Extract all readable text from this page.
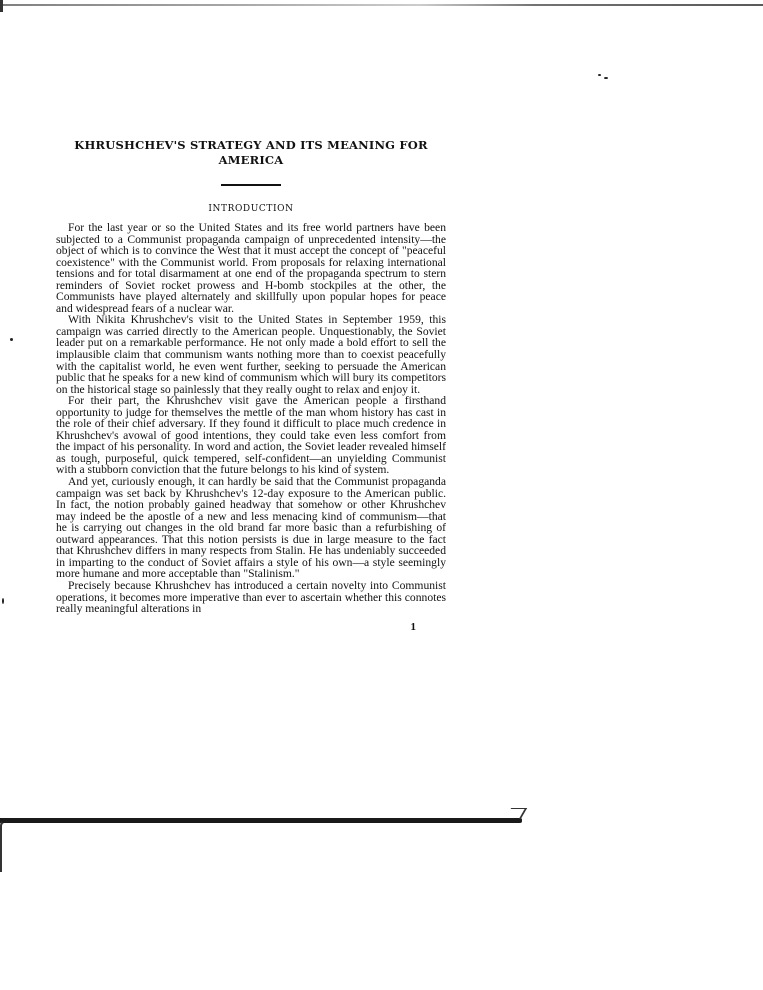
KHRUSHCHEV'S STRATEGY AND ITS MEANING FOR AMERICA
INTRODUCTION

For the last year or so the United States and its free world partners have been subjected to a Communist propaganda campaign of unprecedented intensity—the object of which is to convince the West that it must accept the concept of "peaceful coexistence" with the Communist world. From proposals for relaxing international tensions and for total disarmament at one end of the propaganda spectrum to stern reminders of Soviet rocket prowess and H-bomb stockpiles at the other, the Communists have played alternately and skillfully upon popular hopes for peace and widespread fears of a nuclear war.

With Nikita Khrushchev's visit to the United States in September 1959, this campaign was carried directly to the American people. Unquestionably, the Soviet leader put on a remarkable performance. He not only made a bold effort to sell the implausible claim that communism wants nothing more than to coexist peacefully with the capitalist world, he even went further, seeking to persuade the American public that he speaks for a new kind of communism which will bury its competitors on the historical stage so painlessly that they really ought to relax and enjoy it.

For their part, the Khrushchev visit gave the American people a firsthand opportunity to judge for themselves the mettle of the man whom history has cast in the role of their chief adversary. If they found it difficult to place much credence in Khrushchev's avowal of good intentions, they could take even less comfort from the impact of his personality. In word and action, the Soviet leader revealed himself as tough, purposeful, quick tempered, self-confident—an unyielding Communist with a stubborn conviction that the future belongs to his kind of system.

And yet, curiously enough, it can hardly be said that the Communist propaganda campaign was set back by Khrushchev's 12-day exposure to the American public. In fact, the notion probably gained headway that somehow or other Khrushchev may indeed be the apostle of a new and less menacing kind of communism—that he is carrying out changes in the old brand far more basic than a refurbishing of outward appearances. That this notion persists is due in large measure to the fact that Khrushchev differs in many respects from Stalin. He has undeniably succeeded in imparting to the conduct of Soviet affairs a style of his own—a style seemingly more humane and more acceptable than "Stalinism."

Precisely because Khrushchev has introduced a certain novelty into Communist operations, it becomes more imperative than ever to ascertain whether this connotes really meaningful alterations in

1
